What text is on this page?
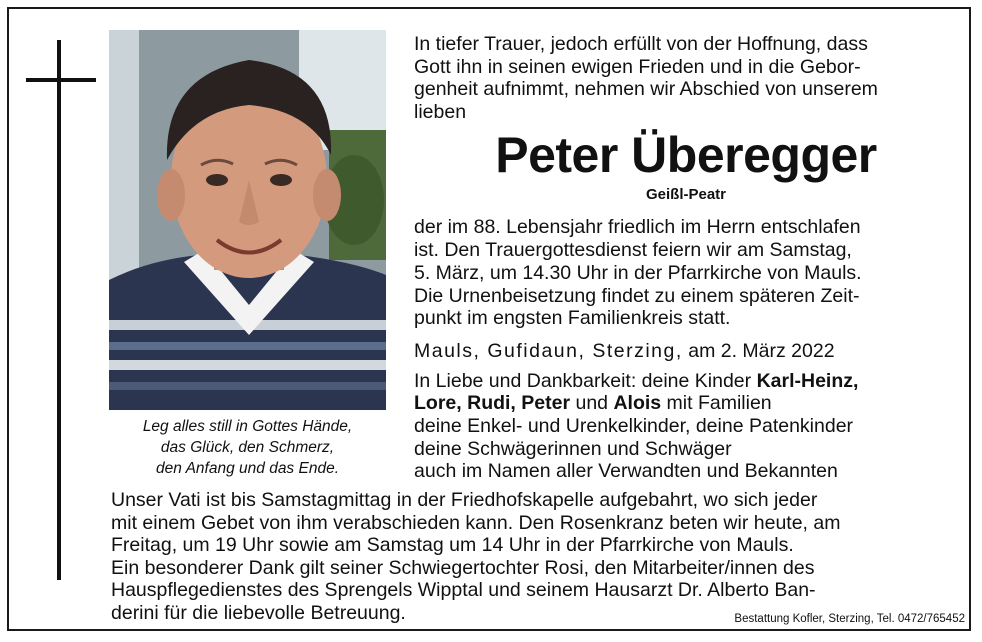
Leg alles still in Gottes Hände,
das Glück, den Schmerz,
den Anfang und das Ende.
In tiefer Trauer, jedoch erfüllt von der Hoffnung, dass
Gott ihn in seinen ewigen Frieden und in die Gebor-
genheit aufnimmt, nehmen wir Abschied von unserem
lieben
Peter Überegger
Geißl-Peatr
der im 88. Lebensjahr friedlich im Herrn entschlafen
ist. Den Trauergottesdienst feiern wir am Samstag,
5. März, um 14.30 Uhr in der Pfarrkirche von Mauls.
Die Urnenbeisetzung findet zu einem späteren Zeit-
punkt im engsten Familienkreis statt.
Mauls, Gufidaun, Sterzing, am 2. März 2022
In Liebe und Dankbarkeit: deine Kinder Karl-Heinz,
Lore, Rudi, Peter und Alois mit Familien
deine Enkel- und Urenkelkinder, deine Patenkinder
deine Schwägerinnen und Schwäger
auch im Namen aller Verwandten und Bekannten
Unser Vati ist bis Samstagmittag in der Friedhofskapelle aufgebahrt, wo sich jeder
mit einem Gebet von ihm verabschieden kann. Den Rosenkranz beten wir heute, am
Freitag, um 19 Uhr sowie am Samstag um 14 Uhr in der Pfarrkirche von Mauls.
Ein besonderer Dank gilt seiner Schwiegertochter Rosi, den Mitarbeiter/innen des
Hauspflegedienstes des Sprengels Wipptal und seinem Hausarzt Dr. Alberto Ban-
derini für die liebevolle Betreuung.	Bestattung Kofler, Sterzing, Tel. 0472/765452
